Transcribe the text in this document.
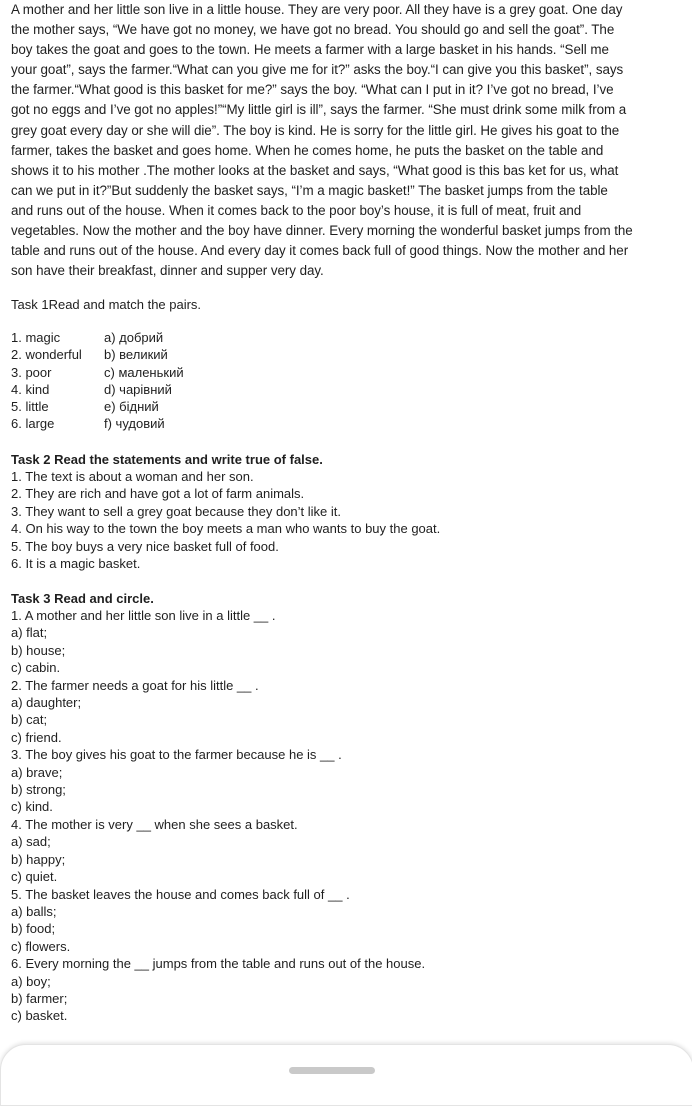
A mother and her little son live in a little house. They are very poor. All they have is a grey goat. One day

the mother says, “We have got no money, we have got no bread. You should go and sell the goat”. The

boy takes the goat and goes to the town. He meets a farmer with a large basket in his hands. “Sell me

your goat”, says the farmer.“What can you give me for it?” asks the boy.“I can give you this basket”, says

the farmer.“What good is this basket for me?” says the boy. “What can I put in it? I’ve got no bread, I’ve

got no eggs and I’ve got no apples!”“My little girl is ill”, says the farmer. “She must drink some milk from a

grey goat every day or she will die”. The boy is kind. He is sorry for the little girl. He gives his goat to the

farmer, takes the basket and goes home. When he comes home, he puts the basket on the table and

shows it to his mother .The mother looks at the basket and says, “What good is this bas ket for us, what

can we put in it?”But suddenly the basket says, “I’m a magic basket!” The basket jumps from the table

and runs out of the house. When it comes back to the poor boy’s house, it is full of meat, fruit and

vegetables. Now the mother and the boy have dinner. Every morning the wonderful basket jumps from the

table and runs out of the house. And every day it comes back full of good things. Now the mother and her

son have their breakfast, dinner and supper very day.

Task 1Read and match the pairs.
1. magic	a) добрий
2. wonderful b) великий
3. poor	c) маленький
4. kind	d) чарівний
5. little	e) бідний
6. large	f) чудовий
Task 2 Read the statements and write true of false.
1. The text is about a woman and her son.
2. They are rich and have got a lot of farm animals.
3. They want to sell a grey goat because they don’t like it.
4. On his way to the town the boy meets a man who wants to buy the goat.
5. The boy buys a very nice basket full of food.
6. It is a magic basket.
Task 3 Read and circle.
1. A mother and her little son live in a little __ .
a) flat;
b) house;
c) cabin.
2. The farmer needs a goat for his little __ .
a) daughter;
b) cat;
c) friend.
3. The boy gives his goat to the farmer because he is __ .
a) brave;
b) strong;
c) kind.
4. The mother is very __ when she sees a basket.
a) sad;
b) happy;
c) quiet.
5. The basket leaves the house and comes back full of __ .
a) balls;
b) food;
c) flowers.
6. Every morning the __ jumps from the table and runs out of the house.
a) boy;
b) farmer;
c) basket.
